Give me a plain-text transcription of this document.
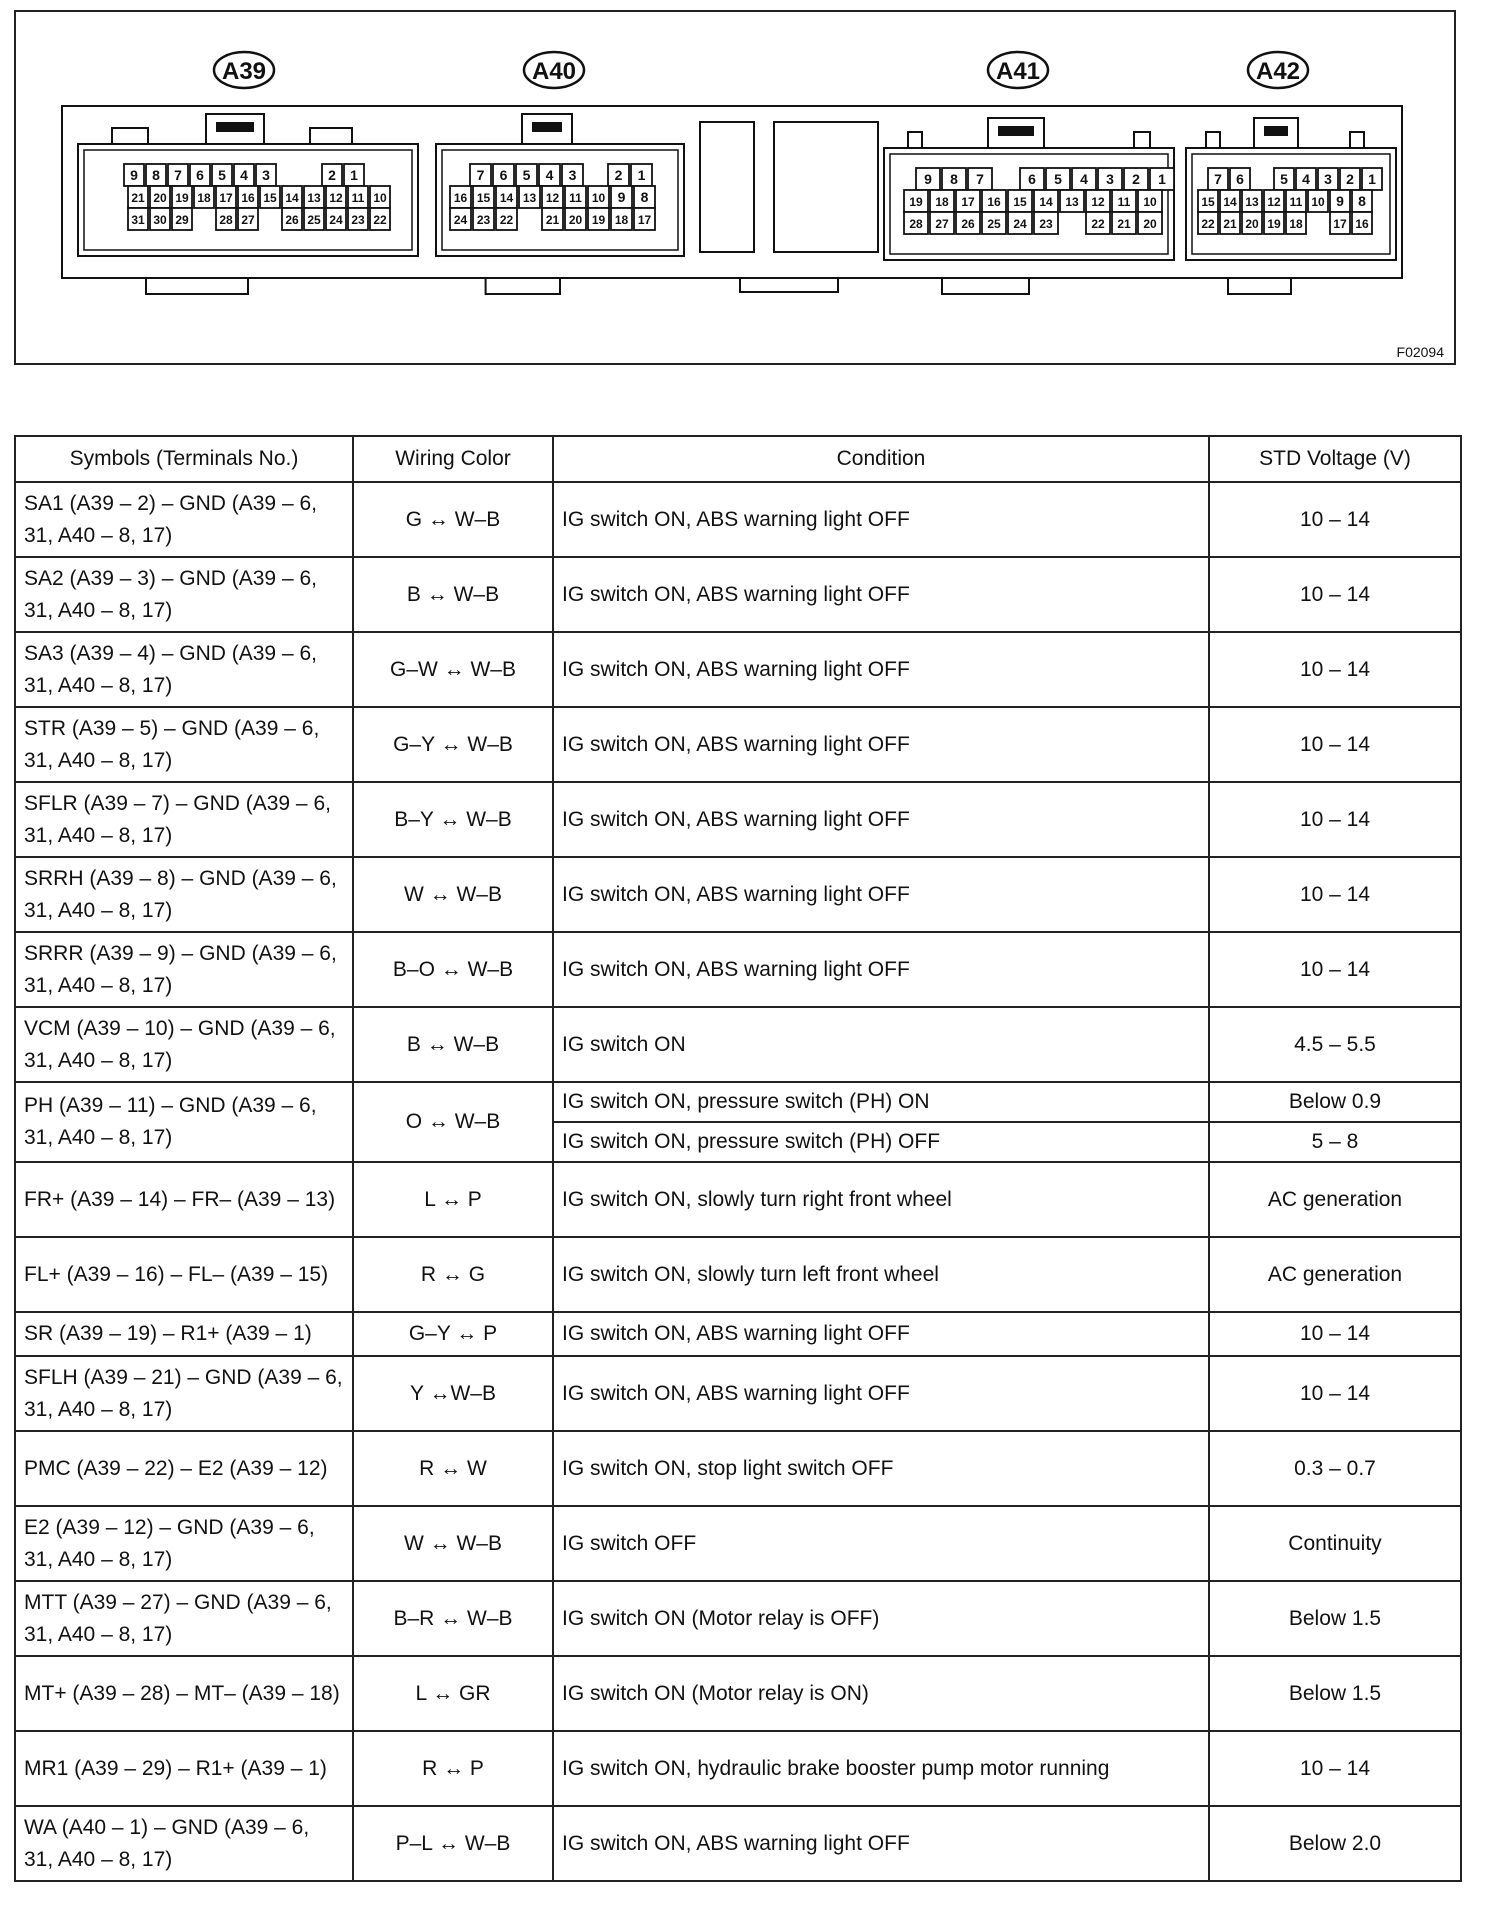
A39
9 8 7 6 5 4 3	2 1
21 20 19 18 17 16 15 14 13 12 11 10
31 30 29	28 27	26 25 24 23 22
A40
7 6 5 4 3	2 1
16 15 14 13 12 11 10 9 8
24 23 22	21 20 19 18 17
A41
9 8 7	6 5 4 3 2 1
19 18 17 16 15 14 13 12 11 10
28 27 26 25 24 23	22 21 20
A42
7 6	5 4 3 2 1
15 14 13 12 11 10 9 8
22 21 20 19 18	17 16
F02094
Symbols (Terminals No.)	Wiring Color	Condition	STD Voltage (V)
SA1 (A39 – 2) – GND (A39 – 6, 31, A40 – 8, 17)	G ↔ W–B	IG switch ON, ABS warning light OFF	10 – 14
SA2 (A39 – 3) – GND (A39 – 6, 31, A40 – 8, 17)	B ↔ W–B	IG switch ON, ABS warning light OFF	10 – 14
SA3 (A39 – 4) – GND (A39 – 6, 31, A40 – 8, 17)	G–W ↔ W–B	IG switch ON, ABS warning light OFF	10 – 14
STR (A39 – 5) – GND (A39 – 6, 31, A40 – 8, 17)	G–Y ↔ W–B	IG switch ON, ABS warning light OFF	10 – 14
SFLR (A39 – 7) – GND (A39 – 6, 31, A40 – 8, 17)	B–Y ↔ W–B	IG switch ON, ABS warning light OFF	10 – 14
SRRH (A39 – 8) – GND (A39 – 6, 31, A40 – 8, 17)	W ↔ W–B	IG switch ON, ABS warning light OFF	10 – 14
SRRR (A39 – 9) – GND (A39 – 6, 31, A40 – 8, 17)	B–O ↔ W–B	IG switch ON, ABS warning light OFF	10 – 14
VCM (A39 – 10) – GND (A39 – 6, 31, A40 – 8, 17)	B ↔ W–B	IG switch ON	4.5 – 5.5
PH (A39 – 11) – GND (A39 – 6, 31, A40 – 8, 17)	O ↔ W–B	IG switch ON, pressure switch (PH) ON	Below 0.9
		IG switch ON, pressure switch (PH) OFF	5 – 8
FR+ (A39 – 14) – FR– (A39 – 13)	L ↔ P	IG switch ON, slowly turn right front wheel	AC generation
FL+ (A39 – 16) – FL– (A39 – 15)	R ↔ G	IG switch ON, slowly turn left front wheel	AC generation
SR (A39 – 19) – R1+ (A39 – 1)	G–Y ↔ P	IG switch ON, ABS warning light OFF	10 – 14
SFLH (A39 – 21) – GND (A39 – 6, 31, A40 – 8, 17)	Y ↔W–B	IG switch ON, ABS warning light OFF	10 – 14
PMC (A39 – 22) – E2 (A39 – 12)	R ↔ W	IG switch ON, stop light switch OFF	0.3 – 0.7
E2 (A39 – 12) – GND (A39 – 6, 31, A40 – 8, 17)	W ↔ W–B	IG switch OFF	Continuity
MTT (A39 – 27) – GND (A39 – 6, 31, A40 – 8, 17)	B–R ↔ W–B	IG switch ON (Motor relay is OFF)	Below 1.5
MT+ (A39 – 28) – MT– (A39 – 18)	L ↔ GR	IG switch ON (Motor relay is ON)	Below 1.5
MR1 (A39 – 29) – R1+ (A39 – 1)	R ↔ P	IG switch ON, hydraulic brake booster pump motor running	10 – 14
WA (A40 – 1) – GND (A39 – 6, 31, A40 – 8, 17)	P–L ↔ W–B	IG switch ON, ABS warning light OFF	Below 2.0
